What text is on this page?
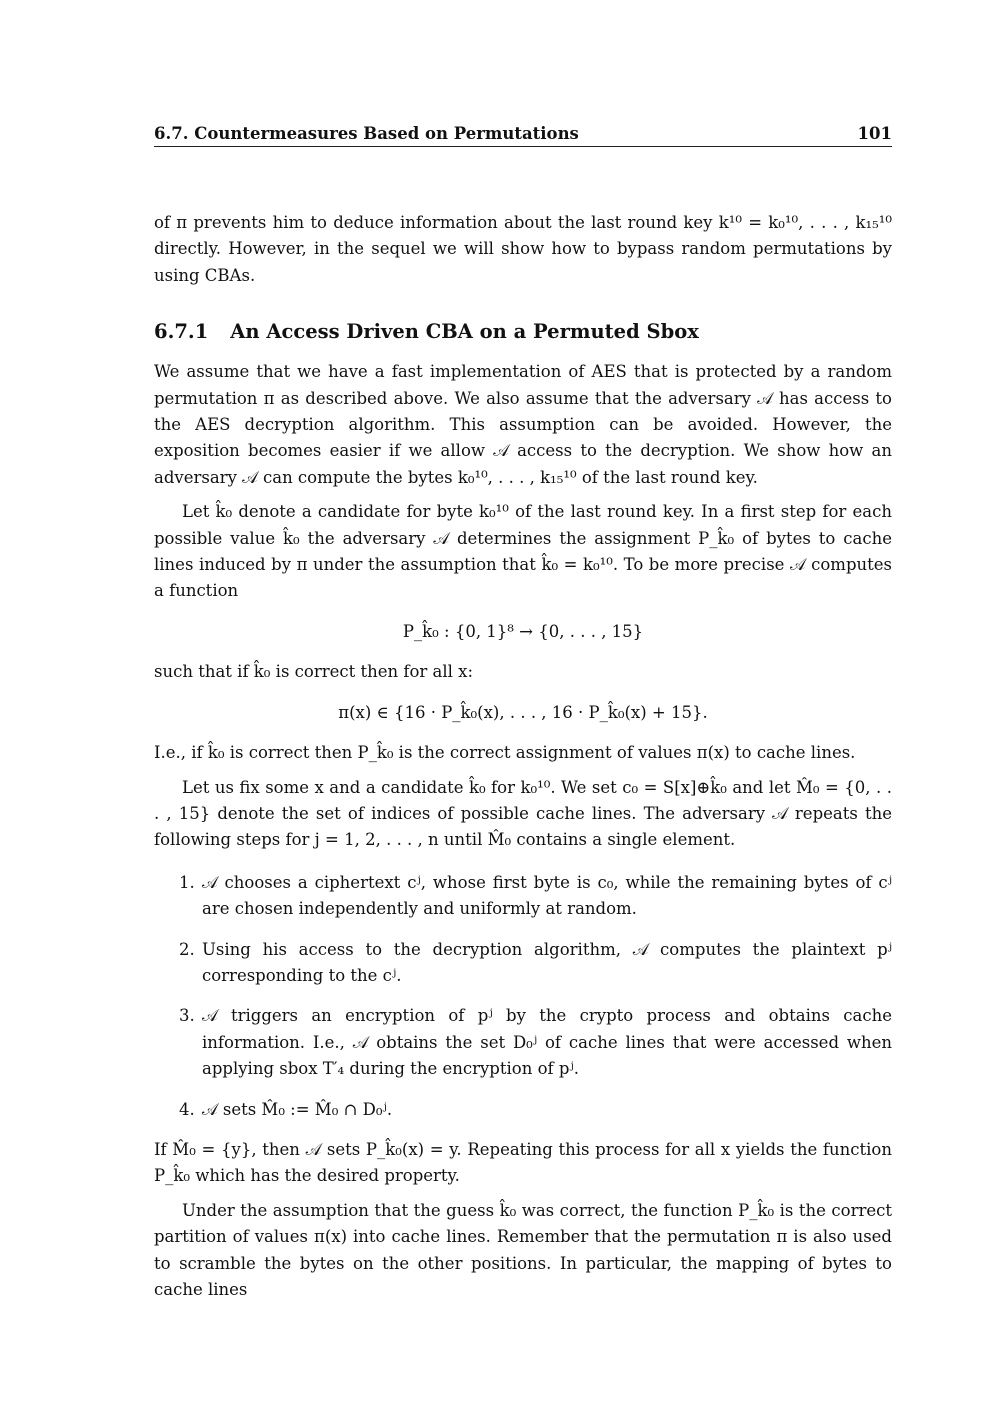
6.7. Countermeasures Based on Permutations	101

of π prevents him to deduce information about the last round key k¹⁰ = k₀¹⁰, . . . , k₁₅¹⁰ directly. However, in the sequel we will show how to bypass random permutations by using CBAs.

6.7.1 An Access Driven CBA on a Permuted Sbox

We assume that we have a fast implementation of AES that is protected by a random permutation π as described above. We also assume that the adversary 𝒜 has access to the AES decryption algorithm. This assumption can be avoided. However, the exposition becomes easier if we allow 𝒜 access to the decryption. We show how an adversary 𝒜 can compute the bytes k₀¹⁰, . . . , k₁₅¹⁰ of the last round key.

Let k̂₀ denote a candidate for byte k₀¹⁰ of the last round key. In a first step for each possible value k̂₀ the adversary 𝒜 determines the assignment P_k̂₀ of bytes to cache lines induced by π under the assumption that k̂₀ = k₀¹⁰. To be more precise 𝒜 computes a function

P_k̂₀ : {0, 1}⁸ → {0, . . . , 15}

such that if k̂₀ is correct then for all x:

π(x) ∈ {16 · P_k̂₀(x), . . . , 16 · P_k̂₀(x) + 15}.

I.e., if k̂₀ is correct then P_k̂₀ is the correct assignment of values π(x) to cache lines.

Let us fix some x and a candidate k̂₀ for k₀¹⁰. We set c₀ = S[x]⊕k̂₀ and let M̂₀ = {0, . . . , 15} denote the set of indices of possible cache lines. The adversary 𝒜 repeats the following steps for j = 1, 2, . . . , n until M̂₀ contains a single element.

1. 𝒜 chooses a ciphertext cʲ, whose first byte is c₀, while the remaining bytes of cʲ are chosen independently and uniformly at random.
2. Using his access to the decryption algorithm, 𝒜 computes the plaintext pʲ corresponding to the cʲ.
3. 𝒜 triggers an encryption of pʲ by the crypto process and obtains cache information. I.e., 𝒜 obtains the set D₀ʲ of cache lines that were accessed when applying sbox T′₄ during the encryption of pʲ.
4. 𝒜 sets M̂₀ := M̂₀ ∩ D₀ʲ.

If M̂₀ = {y}, then 𝒜 sets P_k̂₀(x) = y. Repeating this process for all x yields the function P_k̂₀ which has the desired property.

Under the assumption that the guess k̂₀ was correct, the function P_k̂₀ is the correct partition of values π(x) into cache lines. Remember that the permutation π is also used to scramble the bytes on the other positions. In particular, the mapping of bytes to cache lines
